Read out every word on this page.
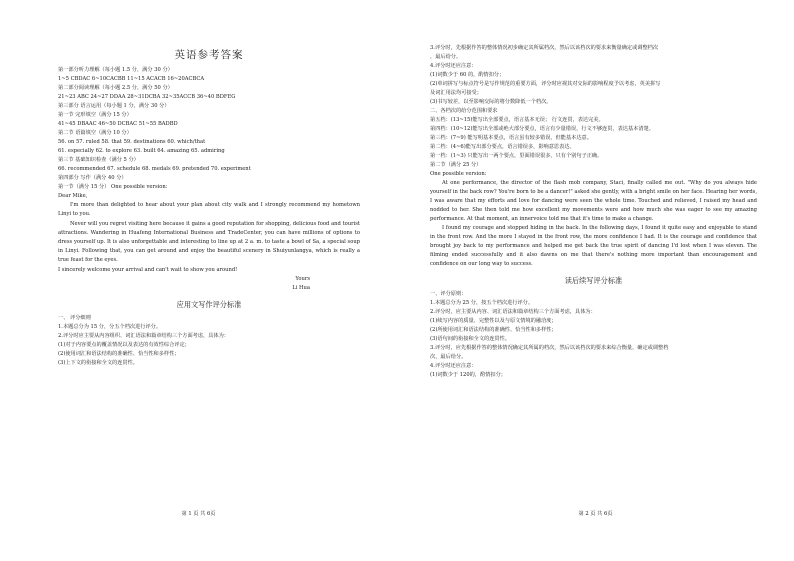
英语参考答案
第一部分听力理解（每小题 1.5 分，满分 30 分）
1~5 CBDAC 6~10CACBB 11~15 ACACB 16~20ACBCA
第二部分阅读理解（每小题 2.5 分，满分 50 分）
21~23 ABC 24~27 DDAA 28~31DCBA 32~35ACCB 36~40 BDFEG
第三部分 语言运用（每小题 1 分，满分 30 分）
第一节 完形填空（满分 15 分）
41~45 DBAAC 46~50 DCBAC 51~55 BADBD
第二节 语篇填空（满分 10 分）
56. on 57. ruled 58. that 59. destinations 60. which/that
61. especially 62. to explore 63. built 64. amazing 65. admiring
第三节 基础知识检查（满分 5 分）
66. recommended 67. schedule 68. medals 69. pretended 70. experiment
第四部分 写作（满分 40 分）
第一节（满分 15 分） One possible version:
Dear Mike,
I'm more than delighted to hear about your plan about city walk and I strongly recommend my hometown Linyi to you.
Never will you regret visiting here because it gains a good reputation for shopping, delicious food and tourist attractions. Wandering in Huafeng International Business and TradeCenter, you can have millions of options to dress yourself up. It is also unforgettable and interesting to line up at 2 a. m. to taste a bowl of Sa, a special soup in Linyi. Following that, you can get around and enjoy the beautiful scenery in Shuiyunlangya, which is really a true feast for the eyes.
I sincerely welcome your arrival and can't wait to show you around!
Yours
Li Hua
应用文写作评分标准
一、 评分细则
1.本题总分为 15 分，分五个档次进行评分。
2.评分时应主要从内容组织、词汇语法和篇章结构三个方面考虑，具体为：
(1)对于内容要点的覆盖情况以及表达的有效性综合评定；
(2)使用词汇和语法结构的准确性、恰当性和多样性；
(3)上下文的衔接和全文的连贯性。
第 1 页 共 6页
3.评分时，先根据作答的整体情况初步确定其所属档次，然后以该档次的要求来衡量确定或调整档次
，最后给分。
4.评分时还应注意：
(1)词数少于 60 的，酌情扣分；
(2)单词拼写与标点符号是写作规范的重要方面，评分时应视其对交际的影响程度予以考虑，英美拼写
及词汇用法均可接受；
(3)书写较差，以至影响交际的将分数降低一个档次。
二、各档次的给分范围和要求
第五档：(13~15)能写出全部要点，语言基本无误； 行文连贯，表达完美。
第四档：(10~12)能写出全部或绝大部分要点，语言有少量错误，行文不够连贯，表达基本清楚。
第三档：(7~9) 能写明基本要点，语言虽有较多错误，但能基本达意。
第二档：(4~6)能写出部分要点，语言错误多，影响意思表达。
第一档：(1~3) 只能写出一两个要点，里面错误很多，只有个别句子正确。
第二节（满分 25 分）
One possible version:
At one performance, the director of the flash mob company, Staci, finally called me out. "Why do you always hide yourself in the back row? You're born to be a dancer!" asked she gently, with a bright smile on her face. Hearing her words, I was aware that my efforts and love for dancing were seen the whole time. Touched and relieved, I raised my head and nodded to her. She then told me how excellent my movements were and how much she was eager to see my amazing performance. At that moment, an innervoice told me that it's time to make a change.
I found my courage and stopped hiding in the back. In the following days, I found it quite easy and enjoyable to stand in the front row. And the more I stayed in the front row, the more confidence I had. It is the courage and confidence that brought joy back to my performance and helped me get back the true spirit of dancing I'd lost when I was eleven. The filming ended successfully and it also dawns on me that there's nothing more important than encouragement and confidence on our long way to success.
读后续写评分标准
一、评分原则：
1.本题总分为 25 分，按五个档次进行评分。
2.评分时，应主要从内容、词汇语法和篇章结构三个方面考虑，具体为：
(1)续写内容的质量、完整性以及与原文情境的融洽度；
(2)所使用词汇和语法结构的准确性、恰当性和多样性；
(3)语句间的衔接和全文的连贯性。
3.评分时，应先根据作答的整体情况确定其所属的档次，然后以该档次的要求来综合衡量，确定或调整档
次，最后给分。
4.评分时还应注意：
(1)词数少于 120的，酌情扣分；
第 2 页 共 6页
